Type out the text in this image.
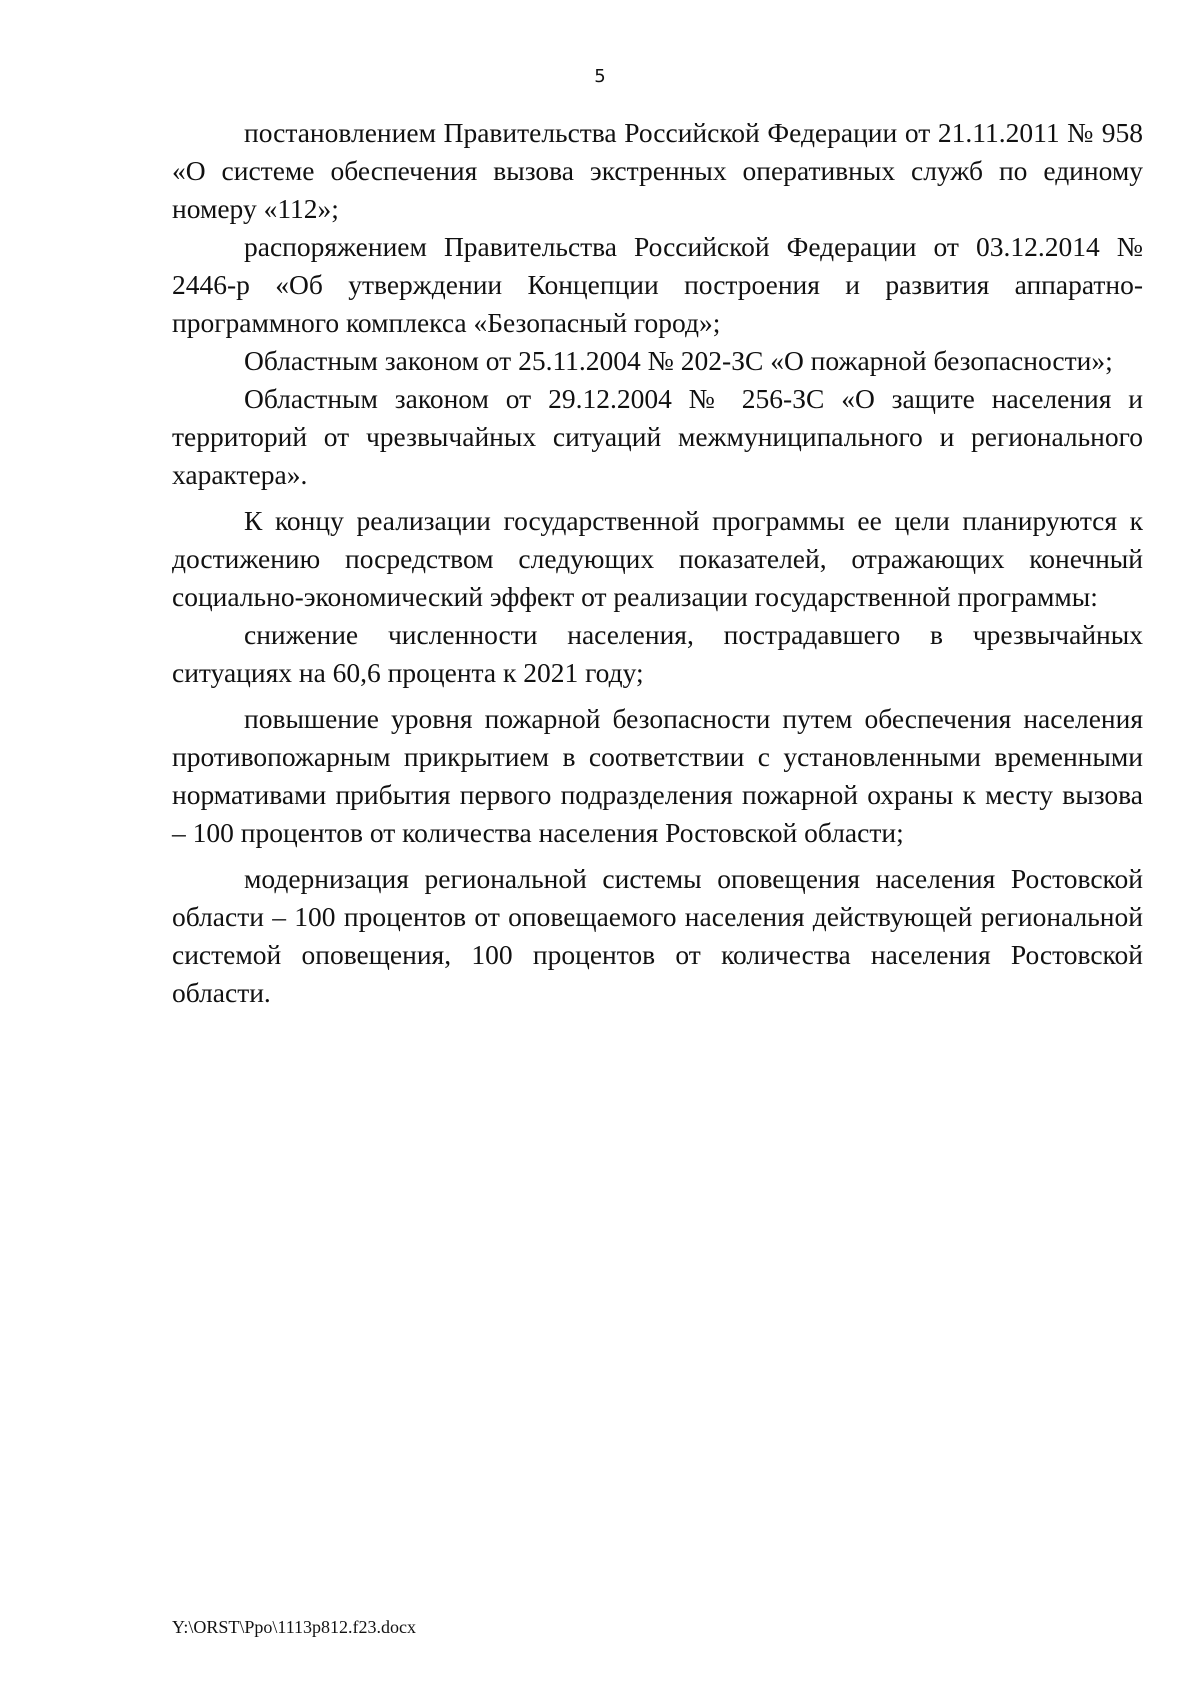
5

постановлением Правительства Российской Федерации от 21.11.2011 № 958 «О системе обеспечения вызова экстренных оперативных служб по единому номеру «112»;

распоряжением Правительства Российской Федерации от 03.12.2014 № 2446-р «Об утверждении Концепции построения и развития аппаратно-программного комплекса «Безопасный город»;

Областным законом от 25.11.2004 № 202-ЗС «О пожарной безопасности»;

Областным законом от 29.12.2004 № 256-ЗС «О защите населения и территорий от чрезвычайных ситуаций межмуниципального и регионального характера».

К концу реализации государственной программы ее цели планируются к достижению посредством следующих показателей, отражающих конечный социально-экономический эффект от реализации государственной программы:

снижение численности населения, пострадавшего в чрезвычайных ситуациях на 60,6 процента к 2021 году;

повышение уровня пожарной безопасности путем обеспечения населения противопожарным прикрытием в соответствии с установленными временными нормативами прибытия первого подразделения пожарной охраны к месту вызова – 100 процентов от количества населения Ростовской области;

модернизация региональной системы оповещения населения Ростовской области – 100 процентов от оповещаемого населения действующей региональной системой оповещения, 100 процентов от количества населения Ростовской области.

Y:\ORST\Ppo\1113p812.f23.docx
